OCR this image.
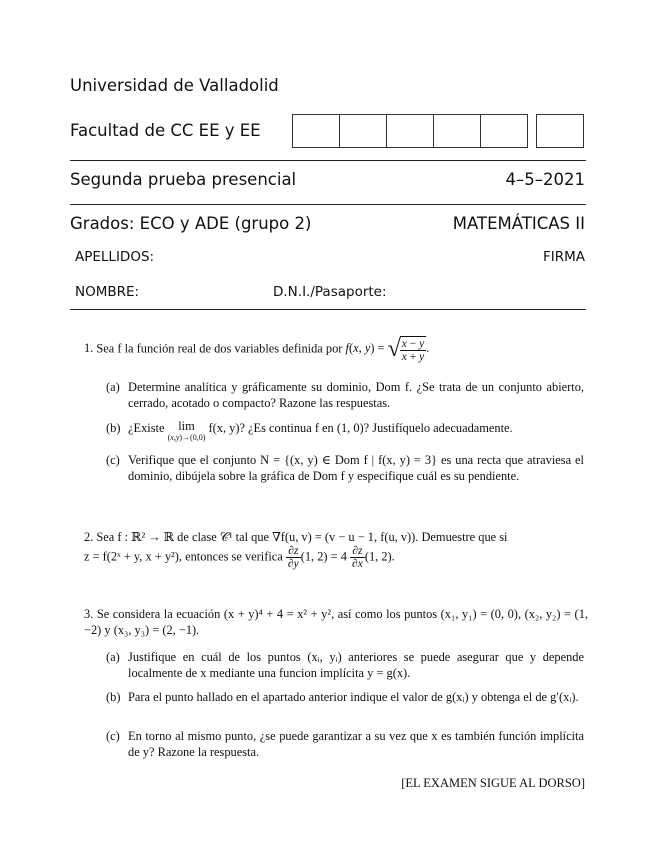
Universidad de Valladolid
Facultad de CC EE y EE
Segunda prueba presencial	4–5–2021
Grados: ECO y ADE (grupo 2)	MATEMÁTICAS II
APELLIDOS:	FIRMA
NOMBRE:	D.N.I./Pasaporte:
1. Sea f la función real de dos variables definida por f(x, y) = √ $\frac{x - y}{x + y}$ .
(a) Determine analítica y gráficamente su dominio, Dom f. ¿Se trata de un conjunto abierto, cerrado, acotado o compacto? Razone las respuestas.
(b) ¿Existe lim
(x,y)→(0,0)
f(x, y)? ¿Es continua f en (1, 0)? Justifíquelo adecuadamente.
(c) Verifique que el conjunto N = {(x, y) ∈ Dom f | f(x, y) = 3} es una recta que atraviesa el dominio, dibújela sobre la gráfica de Dom f y especifique cuál es su pendiente.
2. Sea f : ℝ² → ℝ de clase 𝒞¹ tal que ∇f(u, v) = (v − u − 1, f(u, v)). Demuestre que si
z = f(2ˣ + y, x + y²), entonces se verifica $\frac{\partial z}{\partial y} (1$, $2) = 4 \frac{\partial z}{\partial x} (1$, 2).
3. Se considera la ecuación (x + y)⁴ + 4 = x² + y², así como los puntos (x₁, y₁) = (0, 0), (x₂, y₂) = (1, −2) y (x₃, y₃) = (2, −1).
(a) Justifique en cuál de los puntos (xᵢ, yᵢ) anteriores se puede asegurar que y depende localmente de x mediante una funcion implícita y = g(x).
(b) Para el punto hallado en el apartado anterior indique el valor de g(xᵢ) y obtenga el de g′(xᵢ).
(c) En torno al mismo punto, ¿se puede garantizar a su vez que x es también función implícita de y? Razone la respuesta.
[EL EXAMEN SIGUE AL DORSO]
